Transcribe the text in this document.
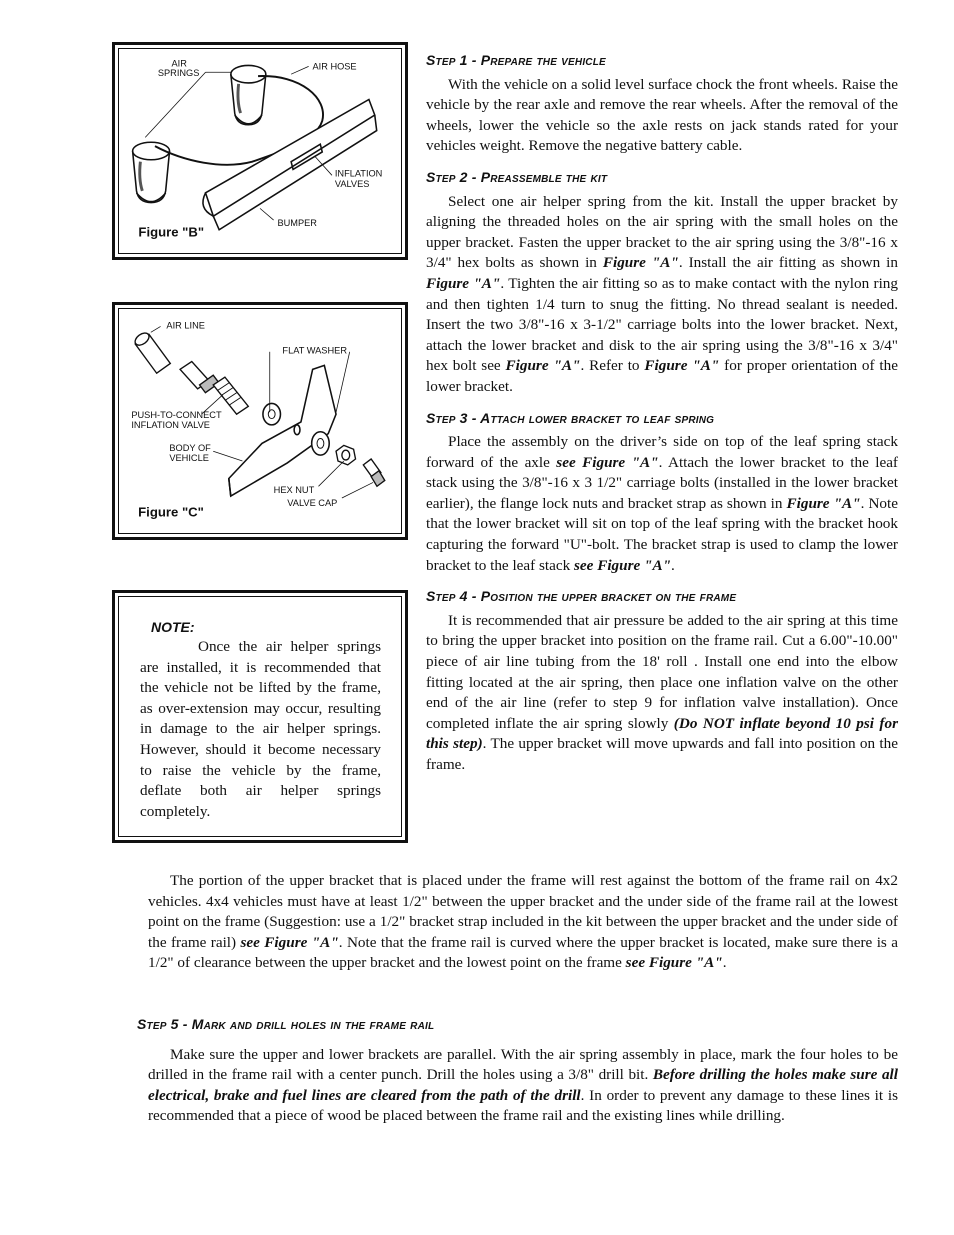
AIR
SPRINGS
AIR HOSE
INFLATION
VALVES
BUMPER
Figure "B"
AIR LINE
FLAT WASHER
PUSH-TO-CONNECT
INFLATION VALVE
BODY OF
VEHICLE
HEX NUT
VALVE CAP
Figure "C"
NOTE:
Once the air helper springs are installed, it is recommended that the vehicle not be lifted by the frame, as over-extension may occur, resulting in damage to the air helper springs. However, should it become necessary to raise the vehicle by the frame, deflate both air helper springs completely.
Step 1 - Prepare the vehicle

With the vehicle on a solid level surface chock the front wheels. Raise the vehicle by the rear axle and remove the rear wheels. After the removal of the wheels, lower the vehicle so the axle rests on jack stands rated for your vehicles weight. Remove the negative battery cable.

Step 2 - Preassemble the kit

Select one air helper spring from the kit. Install the upper bracket by aligning the threaded holes on the air spring with the small holes on the upper bracket. Fasten the upper bracket to the air spring using the 3/8"-16 x 3/4" hex bolts as shown in Figure "A". Install the air fitting as shown in Figure "A". Tighten the air fitting so as to make contact with the nylon ring and then tighten 1/4 turn to snug the fitting. No thread sealant is needed. Insert the two 3/8"-16 x 3-1/2" carriage bolts into the lower bracket. Next, attach the lower bracket and disk to the air spring using the 3/8"-16 x 3/4" hex bolt see Figure "A". Refer to Figure "A" for proper orientation of the lower bracket.

Step 3 - Attach lower bracket to leaf spring

Place the assembly on the driver’s side on top of the leaf spring stack forward of the axle see Figure "A". Attach the lower bracket to the leaf stack using the 3/8"-16 x 3 1/2" carriage bolts (installed in the lower bracket earlier), the flange lock nuts and bracket strap as shown in Figure "A". Note that the lower bracket will sit on top of the leaf spring with the bracket hook capturing the forward "U"-bolt. The bracket strap is used to clamp the lower bracket to the leaf stack see Figure "A".

Step 4 - Position the upper bracket on the frame

It is recommended that air pressure be added to the air spring at this time to bring the upper bracket into position on the frame rail. Cut a 6.00"-10.00" piece of air line tubing from the 18' roll . Install one end into the elbow fitting located at the air spring, then place one inflation valve on the other end of the air line (refer to step 9 for inflation valve installation). Once completed inflate the air spring slowly (Do NOT inflate beyond 10 psi for this step). The upper bracket will move upwards and fall into position on the frame.

The portion of the upper bracket that is placed under the frame will rest against the bottom of the frame rail on 4x2 vehicles. 4x4 vehicles must have at least 1/2" between the upper bracket and the under side of the frame rail at the lowest point on the frame (Suggestion: use a 1/2" bracket strap included in the kit between the upper bracket and the under side of the frame rail) see Figure "A". Note that the frame rail is curved where the upper bracket is located, make sure there is a 1/2" of clearance between the upper bracket and the lowest point on the frame see Figure "A".

Step 5 - Mark and drill holes in the frame rail

Make sure the upper and lower brackets are parallel. With the air spring assembly in place, mark the four holes to be drilled in the frame rail with a center punch. Drill the holes using a 3/8" drill bit. Before drilling the holes make sure all electrical, brake and fuel lines are cleared from the path of the drill. In order to prevent any damage to these lines it is recommended that a piece of wood be placed between the frame rail and the existing lines while drilling.
